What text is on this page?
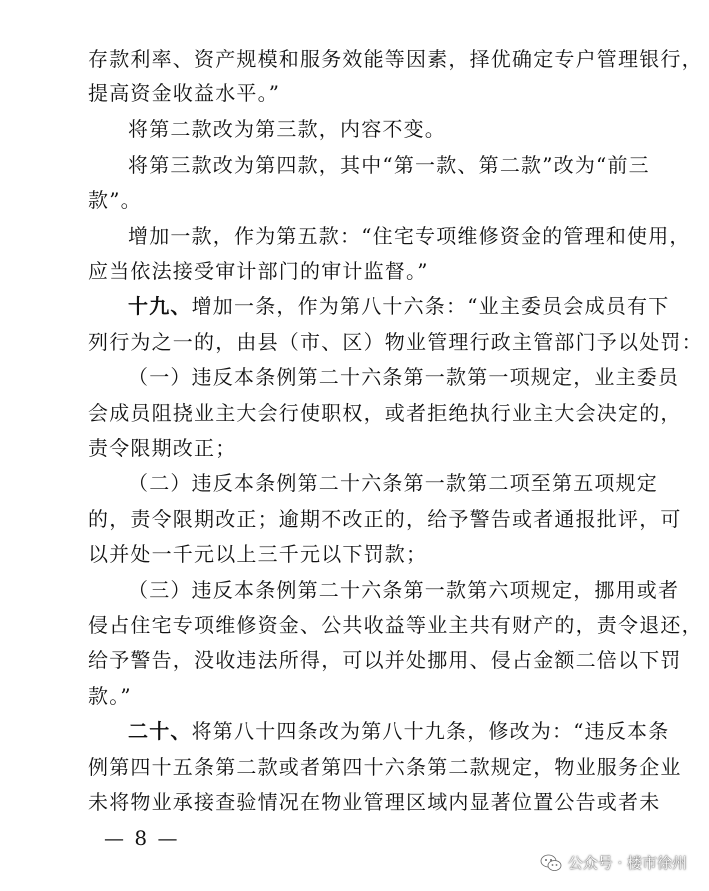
存款利率、资产规模和服务效能等因素，择优确定专户管理银行，
提高资金收益水平。”
将第二款改为第三款，内容不变。
将第三款改为第四款，其中“第一款、第二款”改为“前三
款”。
增加一款，作为第五款：“住宅专项维修资金的管理和使用，
应当依法接受审计部门的审计监督。”
十九、增加一条，作为第八十六条：“业主委员会成员有下
列行为之一的，由县（市、区）物业管理行政主管部门予以处罚：
（一）违反本条例第二十六条第一款第一项规定，业主委员
会成员阻挠业主大会行使职权，或者拒绝执行业主大会决定的，
责令限期改正；
（二）违反本条例第二十六条第一款第二项至第五项规定
的，责令限期改正；逾期不改正的，给予警告或者通报批评，可
以并处一千元以上三千元以下罚款；
（三）违反本条例第二十六条第一款第六项规定，挪用或者
侵占住宅专项维修资金、公共收益等业主共有财产的，责令退还，
给予警告，没收违法所得，可以并处挪用、侵占金额二倍以下罚
款。”
二十、将第八十四条改为第八十九条，修改为：“违反本条
例第四十五条第二款或者第四十六条第二款规定，物业服务企业
未将物业承接查验情况在物业管理区域内显著位置公告或者未
— 8 —
公众号 · 楼市徐州
